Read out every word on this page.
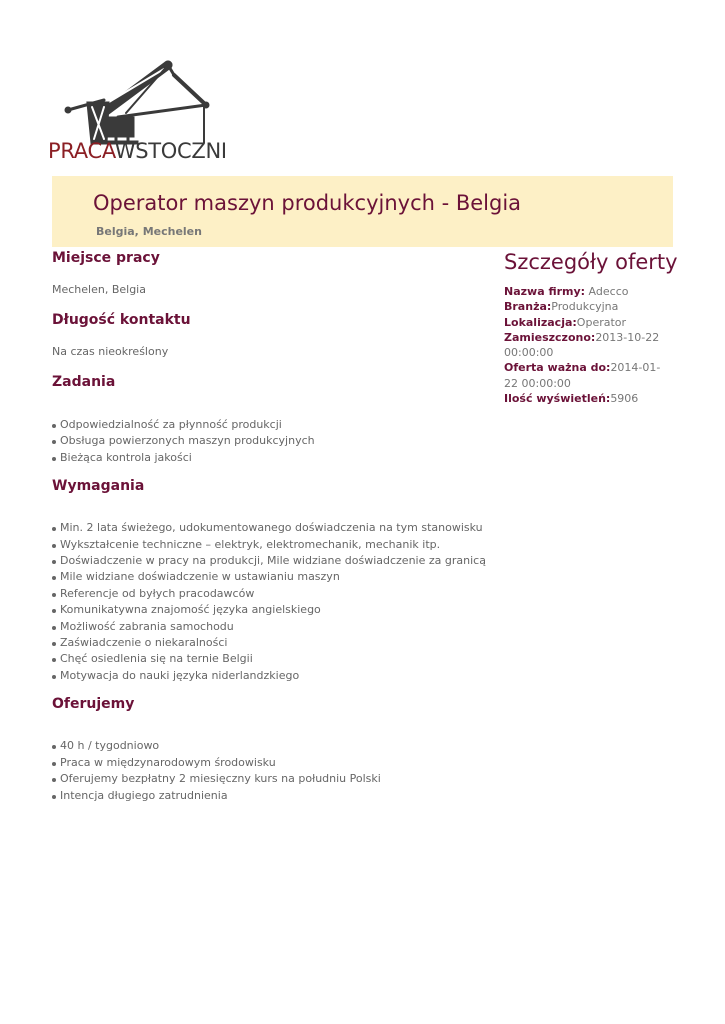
PRACAWSTOCZNI
Operator maszyn produkcyjnych - Belgia
Belgia, Mechelen
Miejsce pracy

Mechelen, Belgia

Długość kontaktu

Na czas nieokreślony

Zadania
Odpowiedzialność za płynność produkcji
Obsługa powierzonych maszyn produkcyjnych
Bieżąca kontrola jakości
Wymagania
Min. 2 lata świeżego, udokumentowanego doświadczenia na tym stanowisku
Wykształcenie techniczne – elektryk, elektromechanik, mechanik itp.
Doświadczenie w pracy na produkcji, Mile widziane doświadczenie za granicą
Mile widziane doświadczenie w ustawianiu maszyn
Referencje od byłych pracodawców
Komunikatywna znajomość języka angielskiego
Możliwość zabrania samochodu
Zaświadczenie o niekaralności
Chęć osiedlenia się na ternie Belgii
Motywacja do nauki języka niderlandzkiego
Oferujemy
40 h / tygodniowo
Praca w międzynarodowym środowisku
Oferujemy bezpłatny 2 miesięczny kurs na południu Polski
Intencja długiego zatrudnienia
Szczegóły oferty
Nazwa firmy: Adecco
Branża:Produkcyjna
Lokalizacja:Operator
Zamieszczono:2013-10-22 00:00:00
Oferta ważna do:2014-01-22 00:00:00
Ilość wyświetleń:5906
